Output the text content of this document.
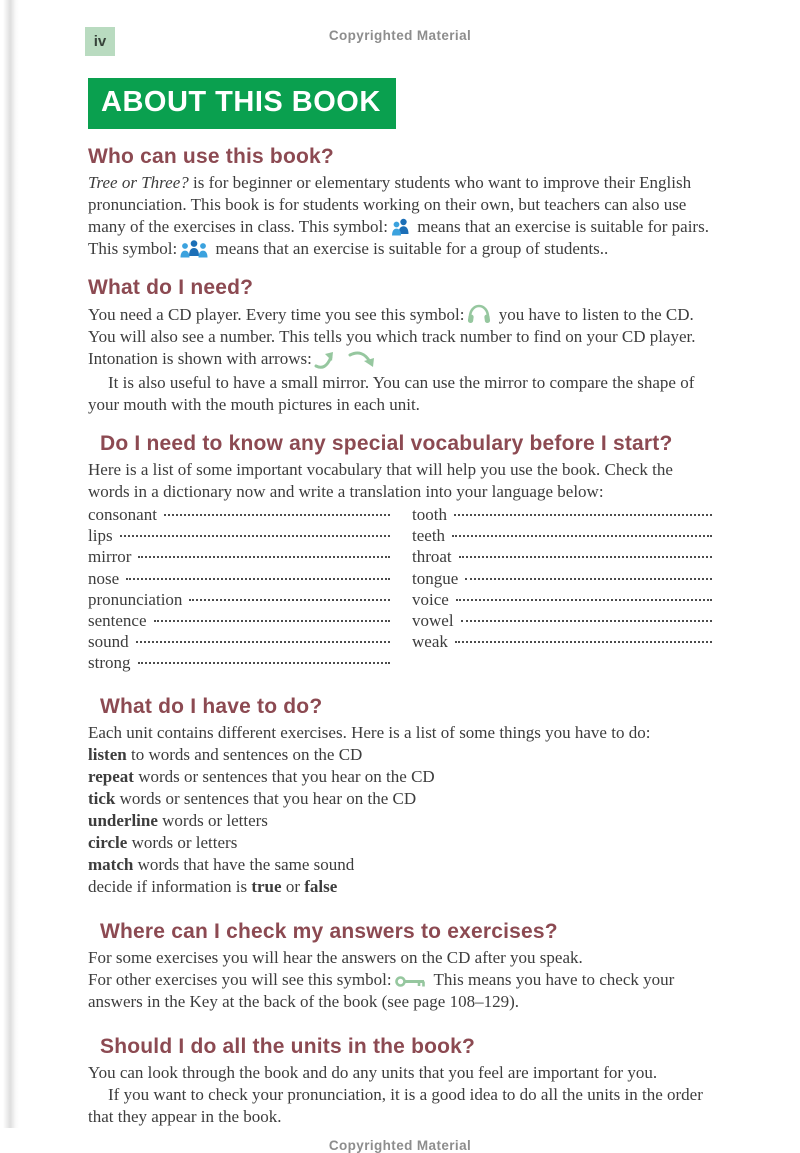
Copyrighted Material
iv
ABOUT THIS BOOK
Who can use this book?

Tree or Three? is for beginner or elementary students who want to improve their English pronunciation. This book is for students working on their own, but teachers can also use many of the exercises in class. This symbol: means that an exercise is suitable for pairs. This symbol: means that an exercise is suitable for a group of students..

What do I need?

You need a CD player. Every time you see this symbol: you have to listen to the CD. You will also see a number. This tells you which track number to find on your CD player. Intonation is shown with arrows:

It is also useful to have a small mirror. You can use the mirror to compare the shape of your mouth with the mouth pictures in each unit.

Do I need to know any special vocabulary before I start?

Here is a list of some important vocabulary that will help you use the book. Check the words in a dictionary now and write a translation into your language below:

consonant
lips
mirror
nose
pronunciation
sentence
sound
strong
tooth
teeth
throat
tongue
voice
vowel
weak
What do I have to do?

Each unit contains different exercises. Here is a list of some things you have to do:

listen to words and sentences on the CD
repeat words or sentences that you hear on the CD
tick words or sentences that you hear on the CD
underline words or letters
circle words or letters
match words that have the same sound
decide if information is true or false
Where can I check my answers to exercises?

For some exercises you will hear the answers on the CD after you speak.

For other exercises you will see this symbol: This means you have to check your answers in the Key at the back of the book (see page 108–129).

Should I do all the units in the book?

You can look through the book and do any units that you feel are important for you.

If you want to check your pronunciation, it is a good idea to do all the units in the order that they appear in the book.

Copyrighted Material
